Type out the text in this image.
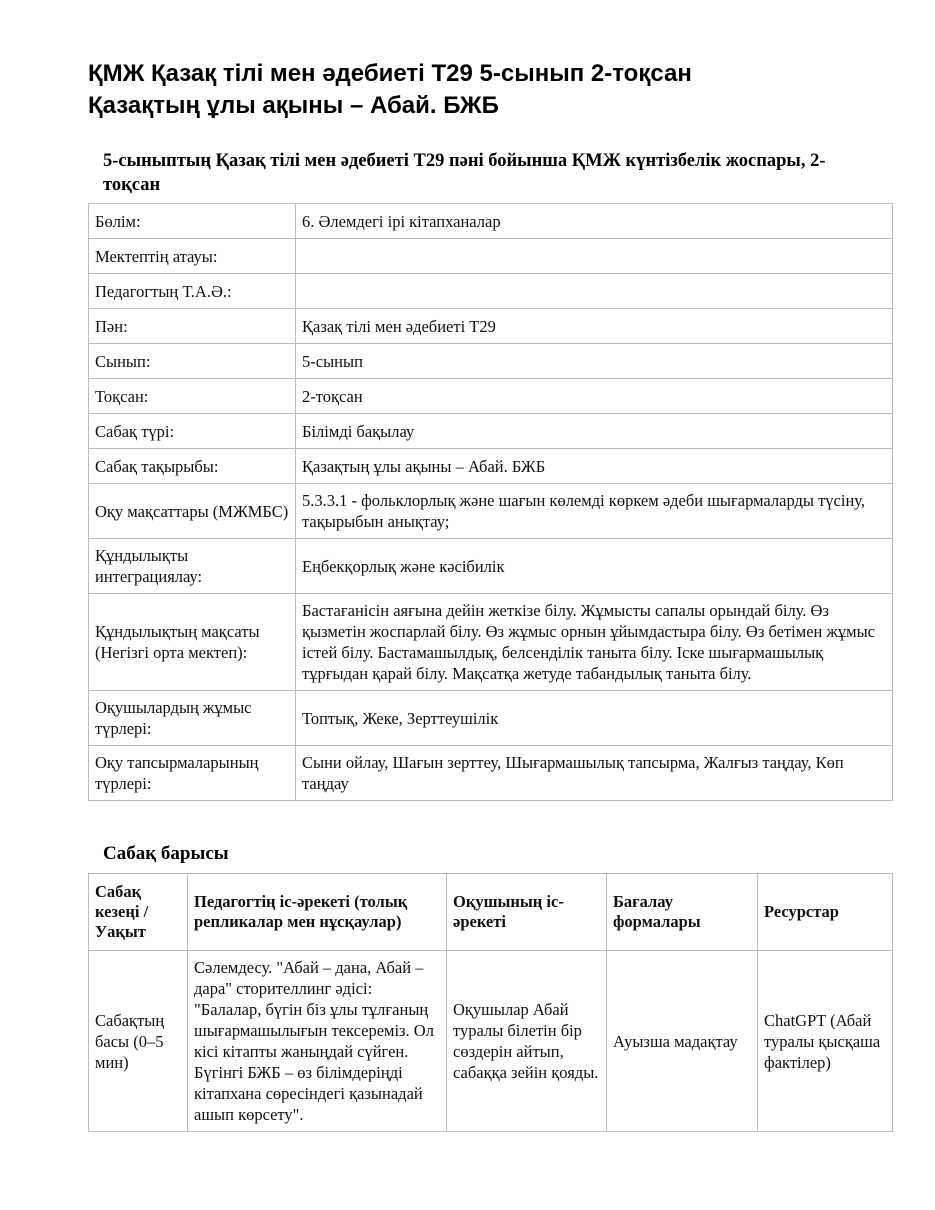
ҚМЖ Қазақ тілі мен әдебиеті Т29 5-сынып 2-тоқсан
Қазақтың ұлы ақыны – Абай. БЖБ
5-сыныптың Қазақ тілі мен әдебиеті Т29 пәні бойынша ҚМЖ күнтізбелік жоспары, 2-тоқсан
Бөлім:	6. Әлемдегі ірі кітапханалар
Мектептің атауы:	
Педагогтың Т.А.Ә.:	
Пән:	Қазақ тілі мен әдебиеті Т29
Сынып:	5-сынып
Тоқсан:	2-тоқсан
Сабақ түрі:	Білімді бақылау
Сабақ тақырыбы:	Қазақтың ұлы ақыны – Абай. БЖБ
Оқу мақсаттары (МЖМБС)	5.3.3.1 - фольклорлық және шағын көлемді көркем әдеби шығармаларды түсіну, тақырыбын анықтау;
Құндылықты интеграциялау:	Еңбекқорлық және кәсібилік
Құндылықтың мақсаты (Негізгі орта мектеп):	Бастағанісін аяғына дейін жеткізе білу. Жұмысты сапалы орындай білу. Өз қызметін жоспарлай білу. Өз жұмыс орнын ұйымдастыра білу. Өз бетімен жұмыс істей білу. Бастамашылдық, белсенділік таныта білу. Іске шығармашылық тұрғыдан қарай білу. Мақсатқа жетуде табандылық таныта білу.
Оқушылардың жұмыс түрлері:	Топтық, Жеке, Зерттеушілік
Оқу тапсырмаларының түрлері:	Сыни ойлау, Шағын зерттеу, Шығармашылық тапсырма, Жалғыз таңдау, Көп таңдау
Сабақ барысы
Сабақ кезеңі / Уақыт	Педагогтің іс-әрекеті (толық репликалар мен нұсқаулар)	Оқушының іс-әрекеті	Бағалау формалары	Ресурстар
Сабақтың басы (0–5 мин)	Сәлемдесу. "Абай – дана, Абай – дара" сторителлинг әдісі: "Балалар, бүгін біз ұлы тұлғаның шығармашылығын тексереміз. Ол кісі кітапты жаныңдай сүйген. Бүгінгі БЖБ – өз білімдеріңді кітапхана сөресіндегі қазынадай ашып көрсету".	Оқушылар Абай туралы білетін бір сөздерін айтып, сабаққа зейін қояды.	Ауызша мадақтау	ChatGPT (Абай туралы қысқаша фактілер)
